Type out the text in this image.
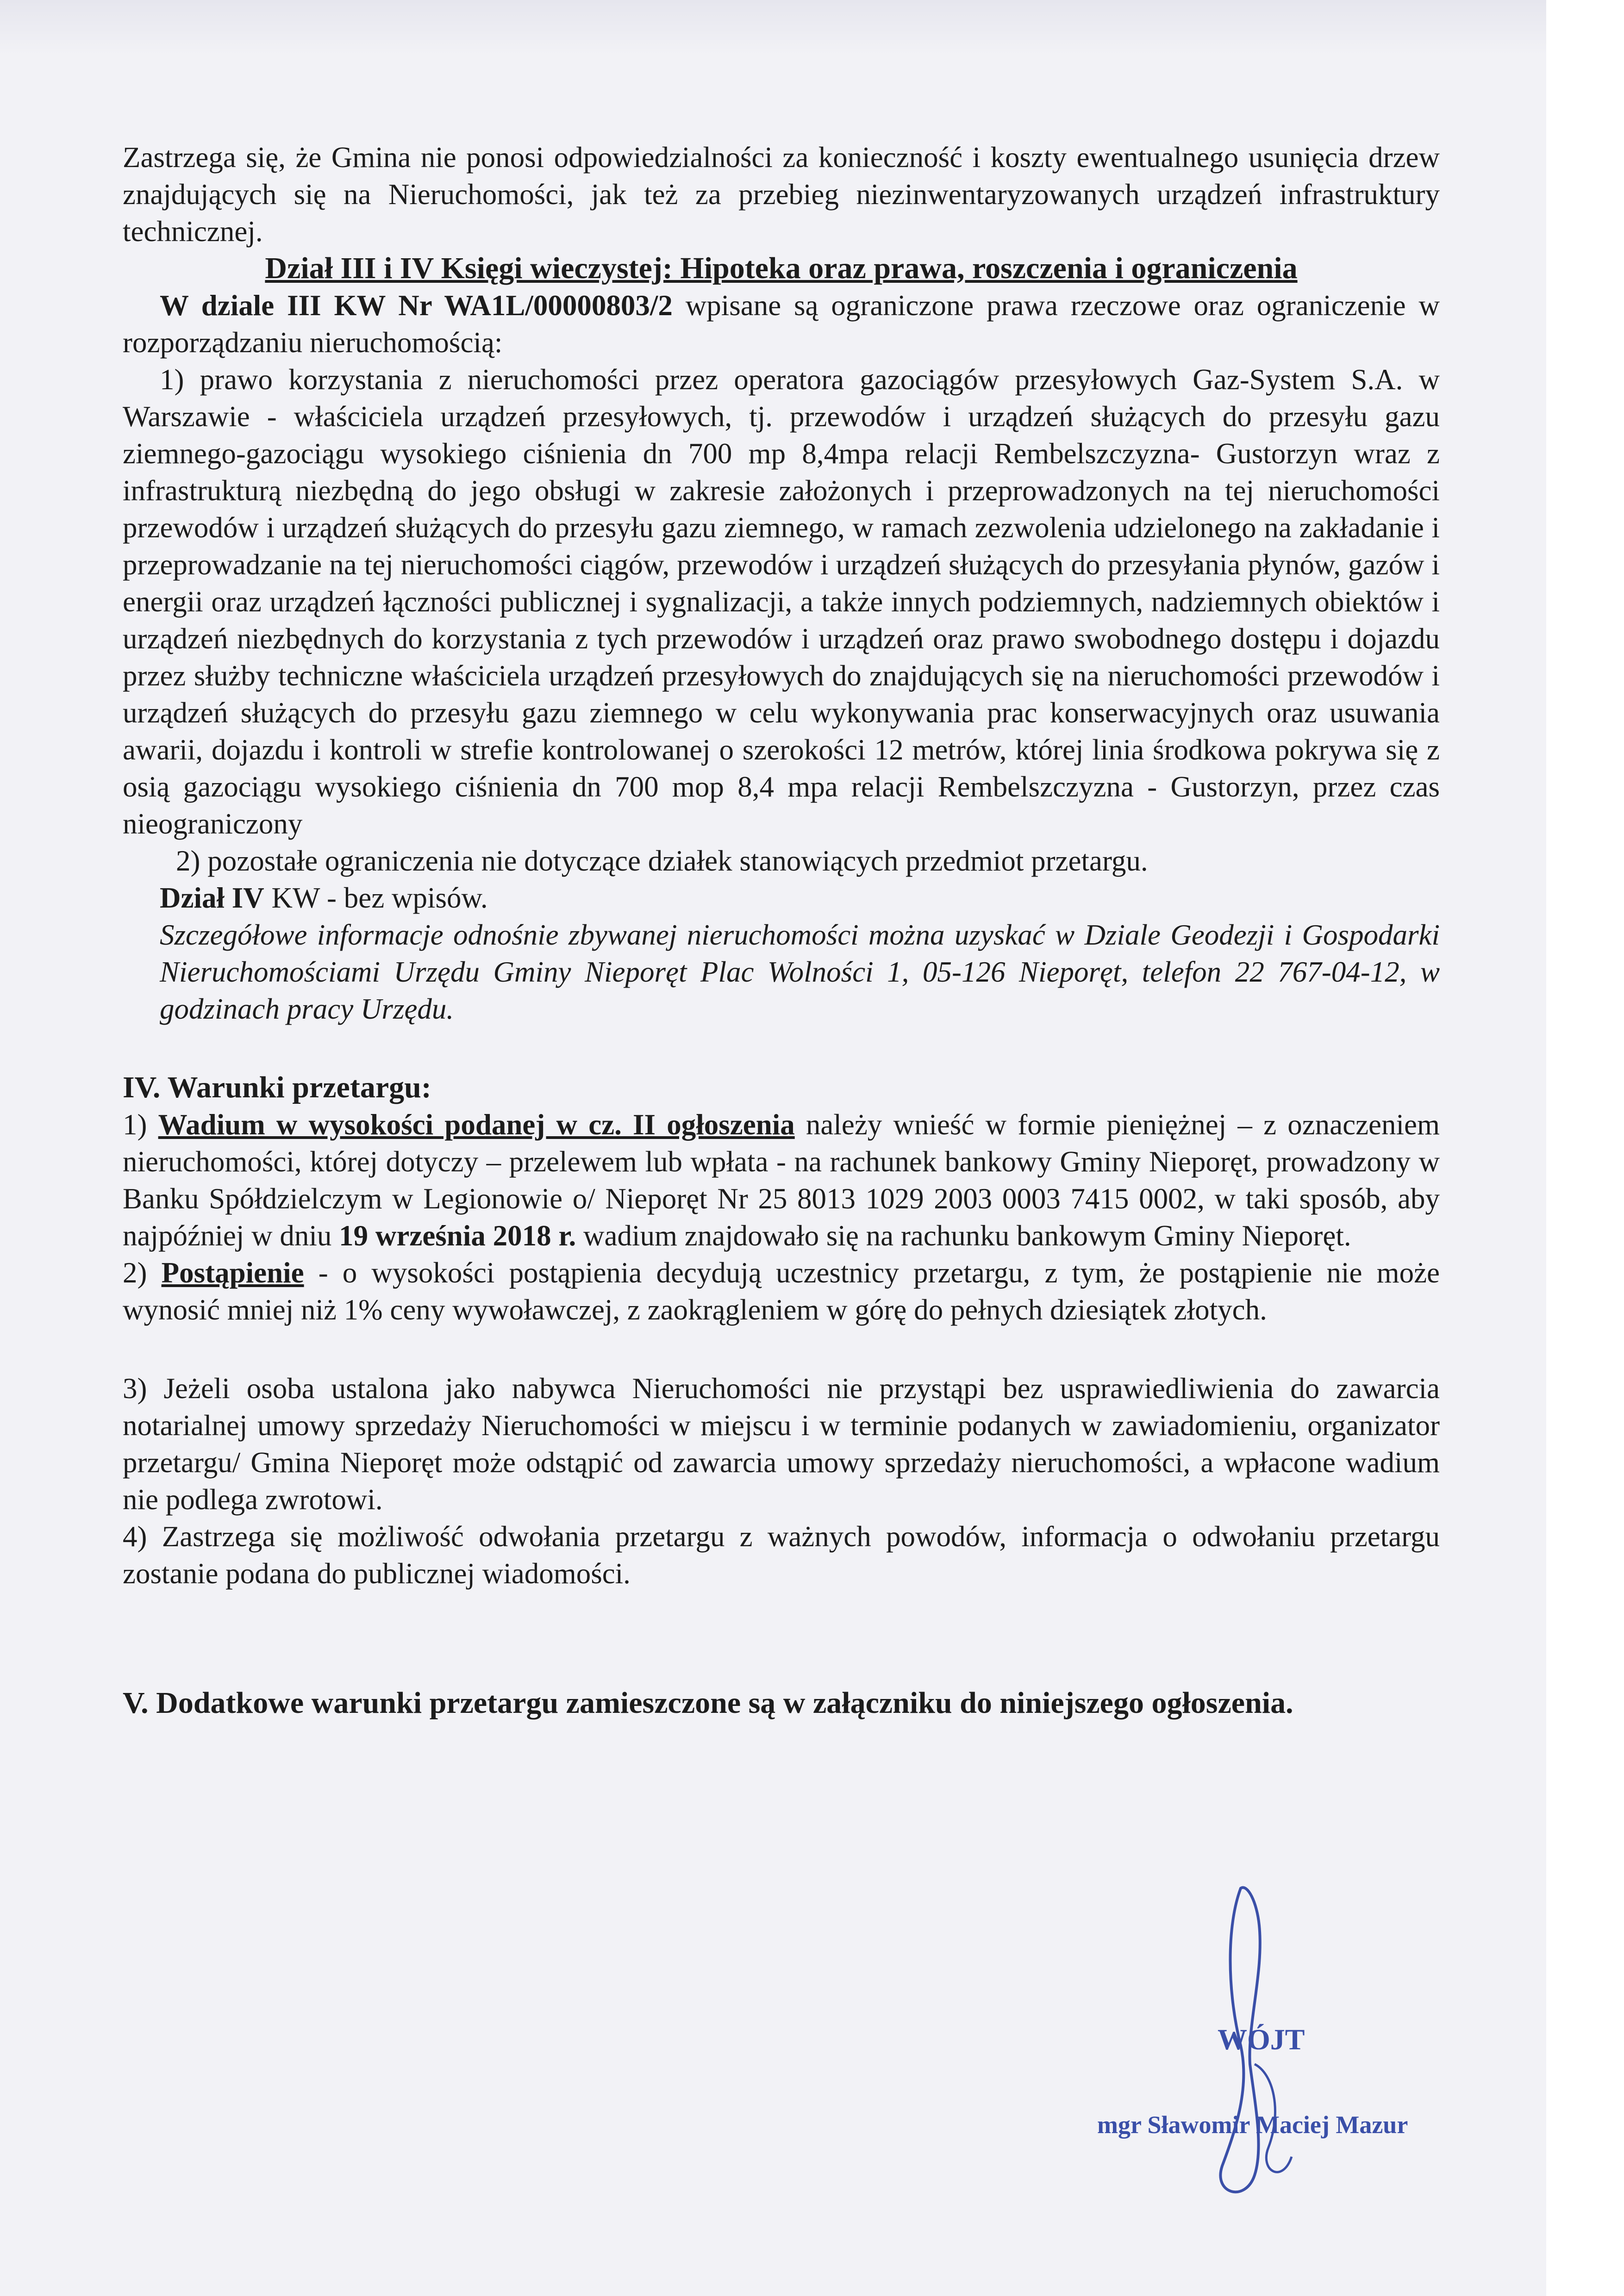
Zastrzega się, że Gmina nie ponosi odpowiedzialności za konieczność i koszty ewentualnego usunięcia drzew znajdujących się na Nieruchomości, jak też za przebieg niezinwentaryzowanych urządzeń infrastruktury technicznej.

Dział III i IV Księgi wieczystej: Hipoteka oraz prawa, roszczenia i ograniczenia

W dziale III KW Nr WA1L/00000803/2 wpisane są ograniczone prawa rzeczowe oraz ograniczenie w rozporządzaniu nieruchomością:

1) prawo korzystania z nieruchomości przez operatora gazociągów przesyłowych Gaz-System S.A. w Warszawie - właściciela urządzeń przesyłowych, tj. przewodów i urządzeń służących do przesyłu gazu ziemnego-gazociągu wysokiego ciśnienia dn 700 mp 8,4mpa relacji Rembelszczyzna- Gustorzyn wraz z infrastrukturą niezbędną do jego obsługi w zakresie założonych i przeprowadzonych na tej nieruchomości przewodów i urządzeń służących do przesyłu gazu ziemnego, w ramach zezwolenia udzielonego na zakładanie i przeprowadzanie na tej nieruchomości ciągów, przewodów i urządzeń służących do przesyłania płynów, gazów i energii oraz urządzeń łączności publicznej i sygnalizacji, a także innych podziemnych, nadziemnych obiektów i urządzeń niezbędnych do korzystania z tych przewodów i urządzeń oraz prawo swobodnego dostępu i dojazdu przez służby techniczne właściciela urządzeń przesyłowych do znajdujących się na nieruchomości przewodów i urządzeń służących do przesyłu gazu ziemnego w celu wykonywania prac konserwacyjnych oraz usuwania awarii, dojazdu i kontroli w strefie kontrolowanej o szerokości 12 metrów, której linia środkowa pokrywa się z osią gazociągu wysokiego ciśnienia dn 700 mop 8,4 mpa relacji Rembelszczyzna - Gustorzyn, przez czas nieograniczony

2) pozostałe ograniczenia nie dotyczące działek stanowiących przedmiot przetargu.

Dział IV KW - bez wpisów.

Szczegółowe informacje odnośnie zbywanej nieruchomości można uzyskać w Dziale Geodezji i Gospodarki Nieruchomościami Urzędu Gminy Nieporęt Plac Wolności 1, 05-126 Nieporęt, telefon 22 767-04-12, w godzinach pracy Urzędu.

IV. Warunki przetargu:

1) Wadium w wysokości podanej w cz. II ogłoszenia należy wnieść w formie pieniężnej – z oznaczeniem nieruchomości, której dotyczy – przelewem lub wpłata - na rachunek bankowy Gminy Nieporęt, prowadzony w Banku Spółdzielczym w Legionowie o/ Nieporęt Nr 25 8013 1029 2003 0003 7415 0002, w taki sposób, aby najpóźniej w dniu 19 września 2018 r. wadium znajdowało się na rachunku bankowym Gminy Nieporęt.

2) Postąpienie - o wysokości postąpienia decydują uczestnicy przetargu, z tym, że postąpienie nie może wynosić mniej niż 1% ceny wywoławczej, z zaokrągleniem w górę do pełnych dziesiątek złotych.

3) Jeżeli osoba ustalona jako nabywca Nieruchomości nie przystąpi bez usprawiedliwienia do zawarcia notarialnej umowy sprzedaży Nieruchomości w miejscu i w terminie podanych w zawiadomieniu, organizator przetargu/ Gmina Nieporęt może odstąpić od zawarcia umowy sprzedaży nieruchomości, a wpłacone wadium nie podlega zwrotowi.

4) Zastrzega się możliwość odwołania przetargu z ważnych powodów, informacja o odwołaniu przetargu zostanie podana do publicznej wiadomości.

V. Dodatkowe warunki przetargu zamieszczone są w załączniku do niniejszego ogłoszenia.

WÓJT
mgr Sławomir Maciej Mazur
